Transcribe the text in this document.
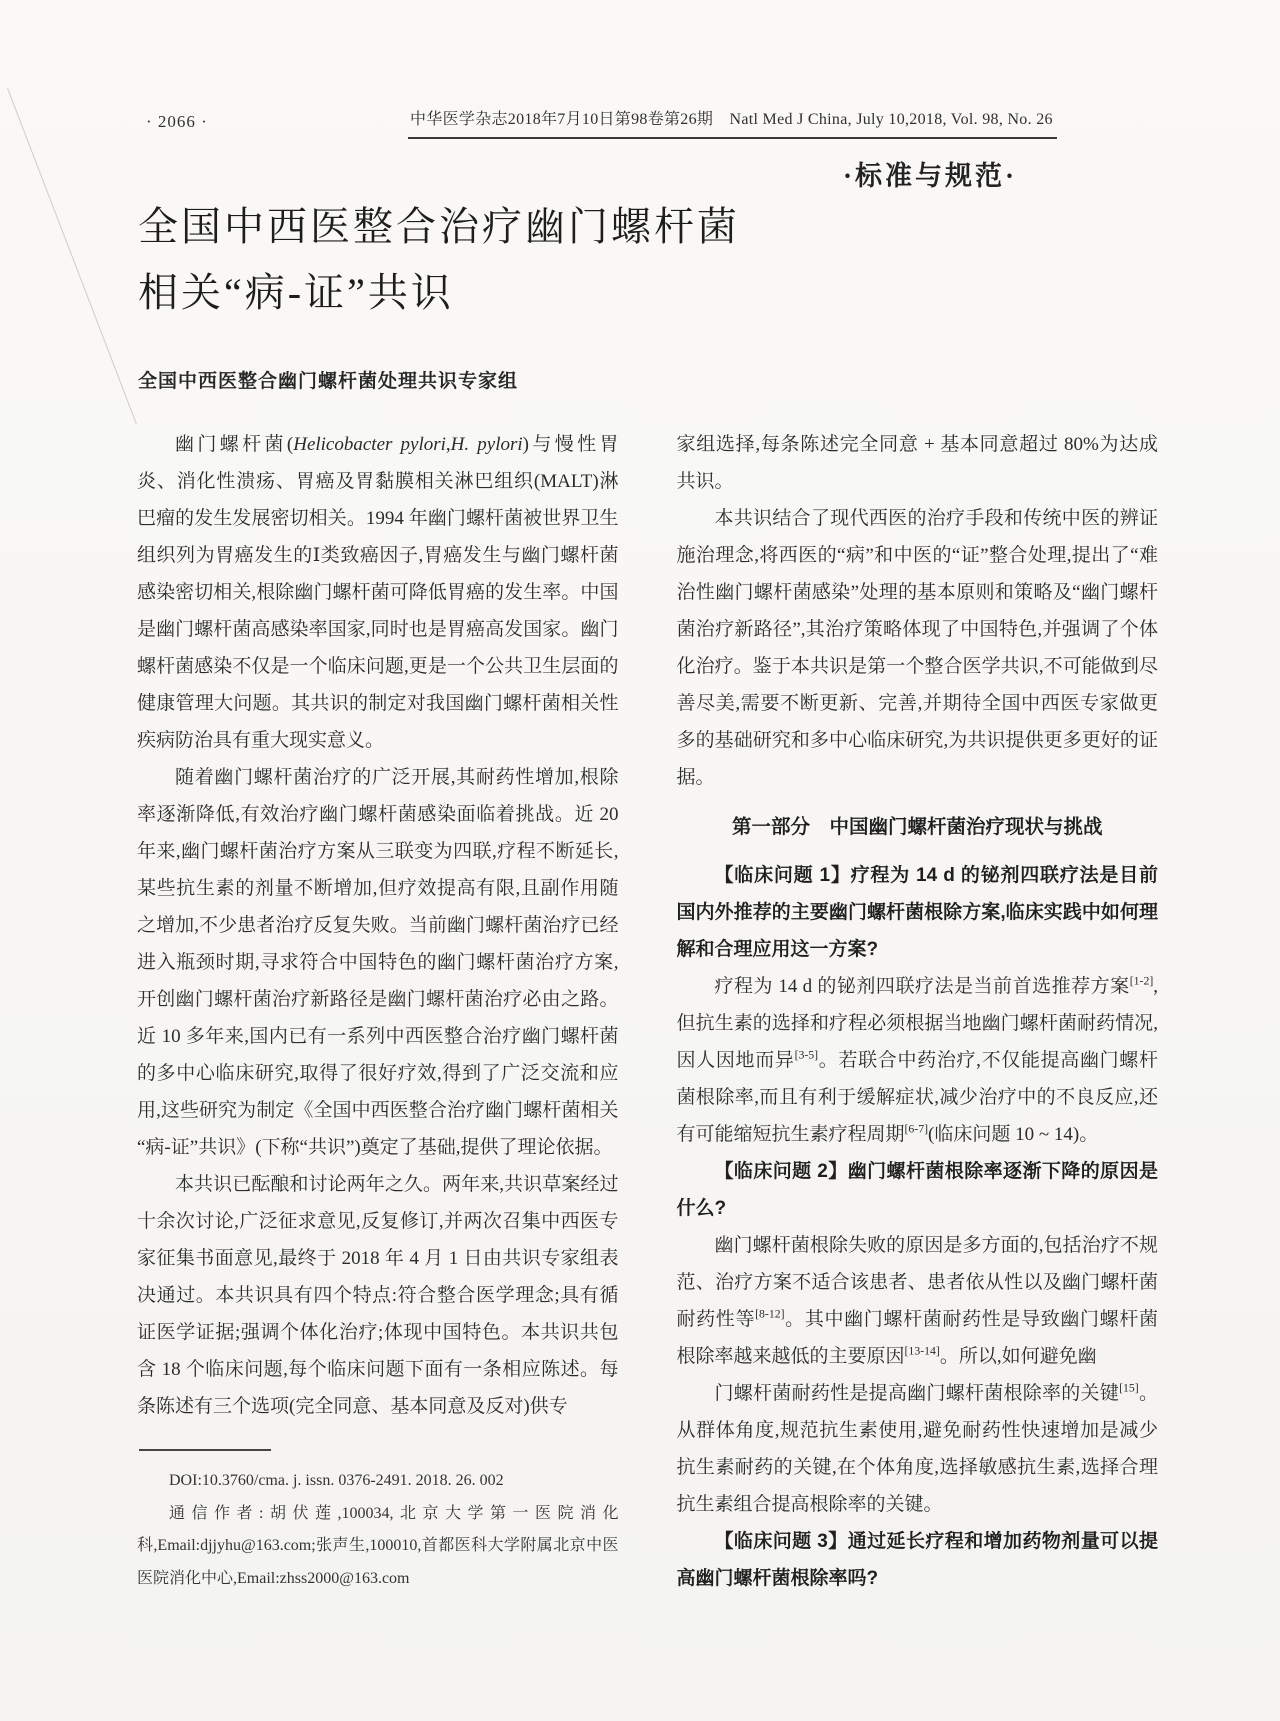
· 2066 ·	中华医学杂志2018年7月10日第98卷第26期　Natl Med J China, July 10,2018, Vol. 98, No. 26
·标准与规范·
全国中西医整合治疗幽门螺杆菌
相关“病-证”共识
全国中西医整合幽门螺杆菌处理共识专家组
幽门螺杆菌(Helicobacter pylori,H. pylori)与慢性胃炎、消化性溃疡、胃癌及胃黏膜相关淋巴组织(MALT)淋巴瘤的发生发展密切相关。1994 年幽门螺杆菌被世界卫生组织列为胃癌发生的Ⅰ类致癌因子,胃癌发生与幽门螺杆菌感染密切相关,根除幽门螺杆菌可降低胃癌的发生率。中国是幽门螺杆菌高感染率国家,同时也是胃癌高发国家。幽门螺杆菌感染不仅是一个临床问题,更是一个公共卫生层面的健康管理大问题。其共识的制定对我国幽门螺杆菌相关性疾病防治具有重大现实意义。
随着幽门螺杆菌治疗的广泛开展,其耐药性增加,根除率逐渐降低,有效治疗幽门螺杆菌感染面临着挑战。近 20 年来,幽门螺杆菌治疗方案从三联变为四联,疗程不断延长,某些抗生素的剂量不断增加,但疗效提高有限,且副作用随之增加,不少患者治疗反复失败。当前幽门螺杆菌治疗已经进入瓶颈时期,寻求符合中国特色的幽门螺杆菌治疗方案,开创幽门螺杆菌治疗新路径是幽门螺杆菌治疗必由之路。近 10 多年来,国内已有一系列中西医整合治疗幽门螺杆菌的多中心临床研究,取得了很好疗效,得到了广泛交流和应用,这些研究为制定《全国中西医整合治疗幽门螺杆菌相关“病-证”共识》(下称“共识”)奠定了基础,提供了理论依据。
本共识已酝酿和讨论两年之久。两年来,共识草案经过十余次讨论,广泛征求意见,反复修订,并两次召集中西医专家征集书面意见,最终于 2018 年 4 月 1 日由共识专家组表决通过。本共识具有四个特点:符合整合医学理念;具有循证医学证据;强调个体化治疗;体现中国特色。本共识共包含 18 个临床问题,每个临床问题下面有一条相应陈述。每条陈述有三个选项(完全同意、基本同意及反对)供专

DOI:10.3760/cma. j. issn. 0376-2491. 2018. 26. 002

通信作者:胡伏莲,100034,北京大学第一医院消化科,Email:djjyhu@163.com;张声生,100010,首都医科大学附属北京中医医院消化中心,Email:zhss2000@163.com

家组选择,每条陈述完全同意 + 基本同意超过 80%为达成共识。
本共识结合了现代西医的治疗手段和传统中医的辨证施治理念,将西医的“病”和中医的“证”整合处理,提出了“难治性幽门螺杆菌感染”处理的基本原则和策略及“幽门螺杆菌治疗新路径”,其治疗策略体现了中国特色,并强调了个体化治疗。鉴于本共识是第一个整合医学共识,不可能做到尽善尽美,需要不断更新、完善,并期待全国中西医专家做更多的基础研究和多中心临床研究,为共识提供更多更好的证据。
第一部分　中国幽门螺杆菌治疗现状与挑战
【临床问题 1】疗程为 14 d 的铋剂四联疗法是目前国内外推荐的主要幽门螺杆菌根除方案,临床实践中如何理解和合理应用这一方案?
疗程为 14 d 的铋剂四联疗法是当前首选推荐方案[1-2],但抗生素的选择和疗程必须根据当地幽门螺杆菌耐药情况,因人因地而异[3-5]。若联合中药治疗,不仅能提高幽门螺杆菌根除率,而且有利于缓解症状,减少治疗中的不良反应,还有可能缩短抗生素疗程周期[6-7](临床问题 10 ~ 14)。
【临床问题 2】幽门螺杆菌根除率逐渐下降的原因是什么?
幽门螺杆菌根除失败的原因是多方面的,包括治疗不规范、治疗方案不适合该患者、患者依从性以及幽门螺杆菌耐药性等[8-12]。其中幽门螺杆菌耐药性是导致幽门螺杆菌根除率越来越低的主要原因[13-14]。所以,如何避免幽
门螺杆菌耐药性是提高幽门螺杆菌根除率的关键[15]。从群体角度,规范抗生素使用,避免耐药性快速增加是减少抗生素耐药的关键,在个体角度,选择敏感抗生素,选择合理抗生素组合提高根除率的关键。
【临床问题 3】通过延长疗程和增加药物剂量可以提高幽门螺杆菌根除率吗?
